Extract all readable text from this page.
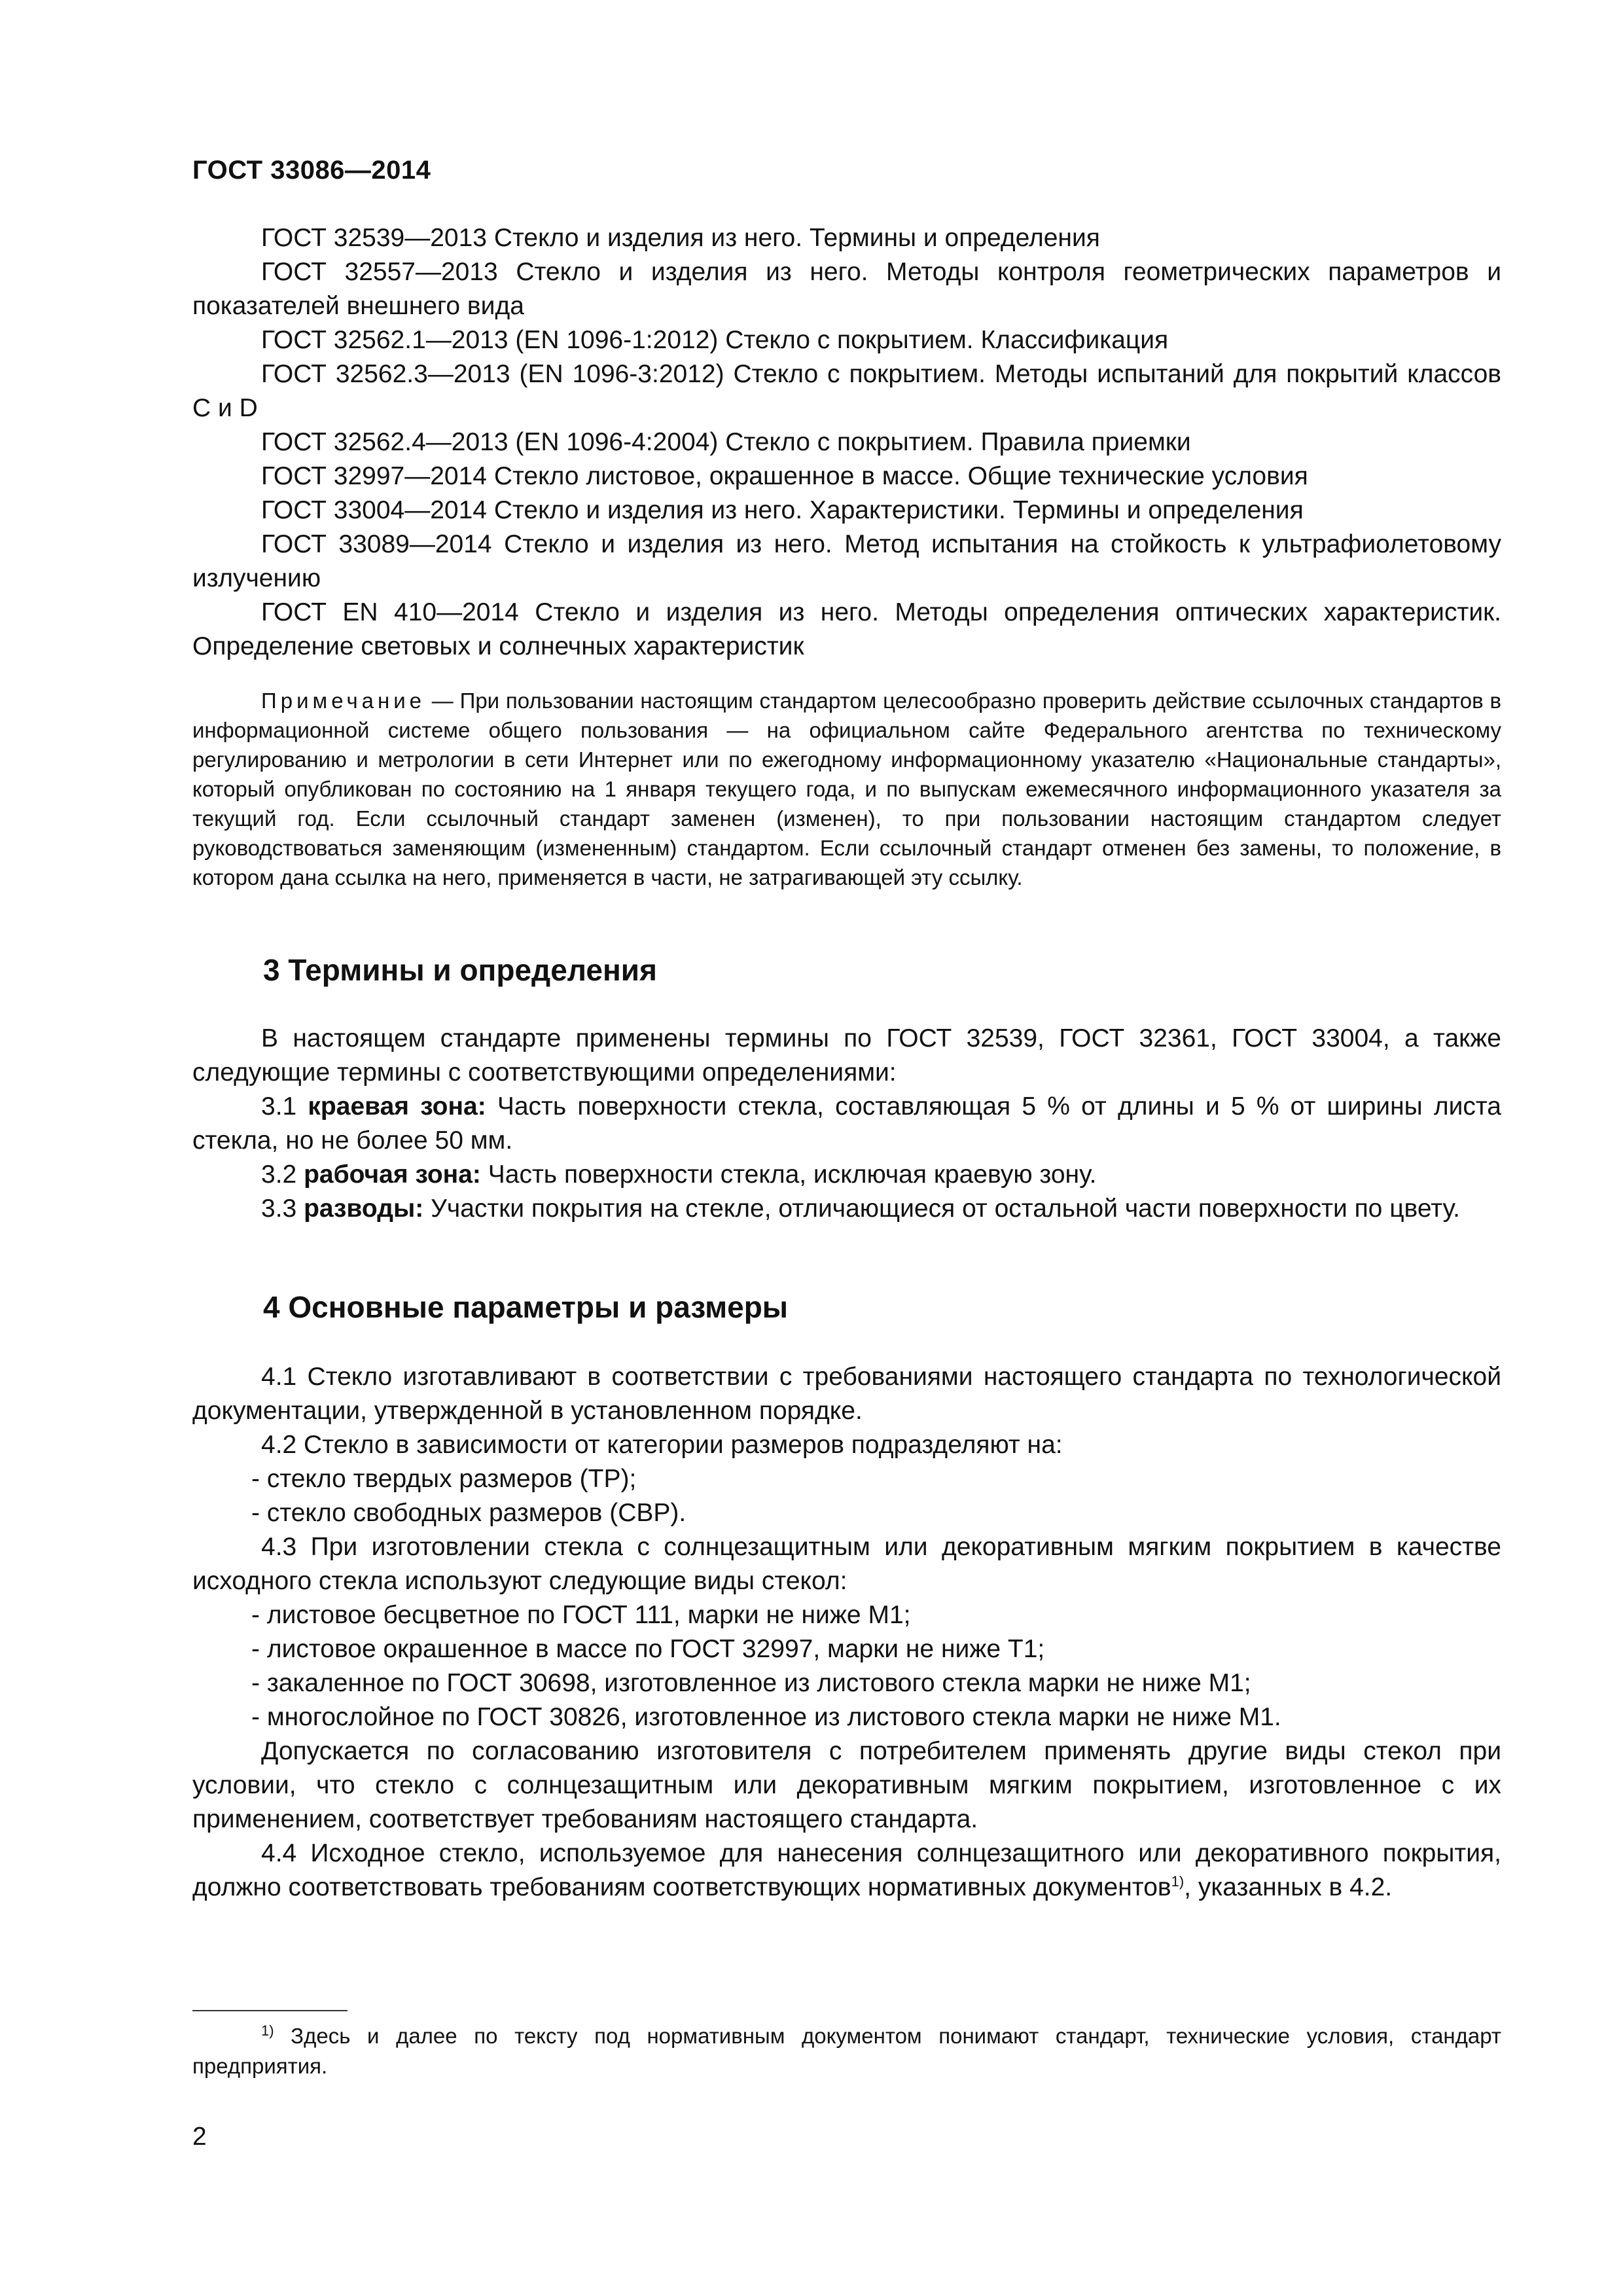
ГОСТ 33086—2014

ГОСТ 32539—2013 Стекло и изделия из него. Термины и определения

ГОСТ 32557—2013 Стекло и изделия из него. Методы контроля геометрических параметров и показателей внешнего вида

ГОСТ 32562.1—2013 (EN 1096-1:2012) Стекло с покрытием. Классификация

ГОСТ 32562.3—2013 (EN 1096-3:2012) Стекло с покрытием. Методы испытаний для покрытий классов C и D

ГОСТ 32562.4—2013 (EN 1096-4:2004) Стекло с покрытием. Правила приемки

ГОСТ 32997—2014 Стекло листовое, окрашенное в массе. Общие технические условия

ГОСТ 33004—2014 Стекло и изделия из него. Характеристики. Термины и определения

ГОСТ 33089—2014 Стекло и изделия из него. Метод испытания на стойкость к ультрафиолетовому излучению

ГОСТ EN 410—2014 Стекло и изделия из него. Методы определения оптических характеристик. Определение световых и солнечных характеристик

Примечание — При пользовании настоящим стандартом целесообразно проверить действие ссылочных стандартов в информационной системе общего пользования — на официальном сайте Федерального агентства по техническому регулированию и метрологии в сети Интернет или по ежегодному информационному указателю «Национальные стандарты», который опубликован по состоянию на 1 января текущего года, и по выпускам ежемесячного информационного указателя за текущий год. Если ссылочный стандарт заменен (изменен), то при пользовании настоящим стандартом следует руководствоваться заменяющим (измененным) стандартом. Если ссылочный стандарт отменен без замены, то положение, в котором дана ссылка на него, применяется в части, не затрагивающей эту ссылку.

3 Термины и определения

В настоящем стандарте применены термины по ГОСТ 32539, ГОСТ 32361, ГОСТ 33004, а также следующие термины с соответствующими определениями:

3.1 краевая зона: Часть поверхности стекла, составляющая 5 % от длины и 5 % от ширины листа стекла, но не более 50 мм.

3.2 рабочая зона: Часть поверхности стекла, исключая краевую зону.

3.3 разводы: Участки покрытия на стекле, отличающиеся от остальной части поверхности по цвету.

4 Основные параметры и размеры

4.1 Стекло изготавливают в соответствии с требованиями настоящего стандарта по технологической документации, утвержденной в установленном порядке.

4.2 Стекло в зависимости от категории размеров подразделяют на:

- стекло твердых размеров (ТР);

- стекло свободных размеров (СВР).

4.3 При изготовлении стекла с солнцезащитным или декоративным мягким покрытием в качестве исходного стекла используют следующие виды стекол:

- листовое бесцветное по ГОСТ 111, марки не ниже М1;

- листовое окрашенное в массе по ГОСТ 32997, марки не ниже Т1;

- закаленное по ГОСТ 30698, изготовленное из листового стекла марки не ниже М1;

- многослойное по ГОСТ 30826, изготовленное из листового стекла марки не ниже М1.

Допускается по согласованию изготовителя с потребителем применять другие виды стекол при условии, что стекло с солнцезащитным или декоративным мягким покрытием, изготовленное с их применением, соответствует требованиям настоящего стандарта.

4.4 Исходное стекло, используемое для нанесения солнцезащитного или декоративного покрытия, должно соответствовать требованиям соответствующих нормативных документов$^{1)}$, указанных в 4.2.

$^{1)}$ Здесь и далее по тексту под нормативным документом понимают стандарт, технические условия, стандарт предприятия.

2
